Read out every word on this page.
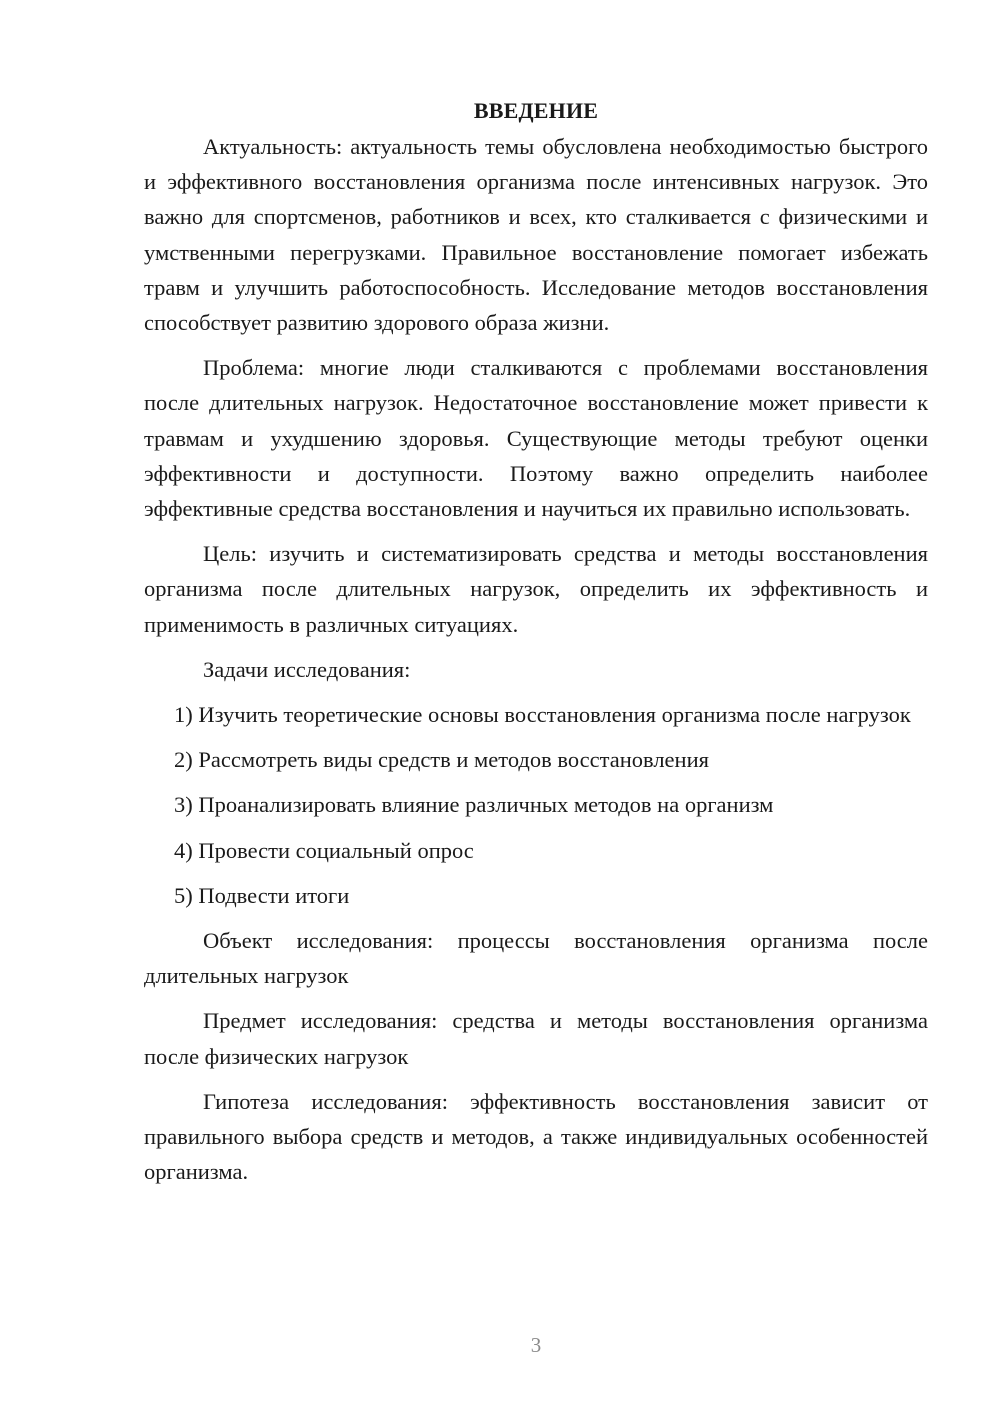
ВВЕДЕНИЕ

Актуальность: актуальность темы обусловлена необходимостью быстрого и эффективного восстановления организма после интенсивных нагрузок. Это важно для спортсменов, работников и всех, кто сталкивается с физическими и умственными перегрузками. Правильное восстановление помогает избежать травм и улучшить работоспособность. Исследование методов восстановления способствует развитию здорового образа жизни.

Проблема: многие люди сталкиваются с проблемами восстановления после длительных нагрузок. Недостаточное восстановление может привести к травмам и ухудшению здоровья. Существующие методы требуют оценки эффективности и доступности. Поэтому важно определить наиболее эффективные средства восстановления и научиться их правильно использовать.

Цель: изучить и систематизировать средства и методы восстановления организма после длительных нагрузок, определить их эффективность и применимость в различных ситуациях.

Задачи исследования:

1) Изучить теоретические основы восстановления организма после нагрузок

2) Рассмотреть виды средств и методов восстановления

3) Проанализировать влияние различных методов на организм

4) Провести социальный опрос

5) Подвести итоги

Объект исследования: процессы восстановления организма после длительных нагрузок

Предмет исследования: средства и методы восстановления организма после физических нагрузок

Гипотеза исследования: эффективность восстановления зависит от правильного выбора средств и методов, а также индивидуальных особенностей организма.

3
